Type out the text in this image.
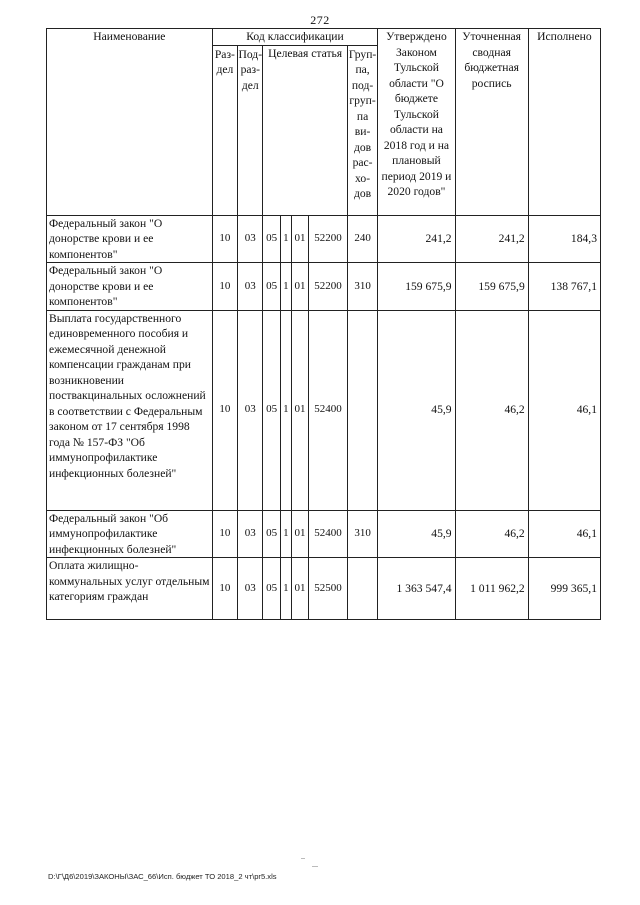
272
Наименование	Код классификации							Утверждено Законом Тульской области "О бюджете Тульской области на 2018 год и на плановый период 2019 и 2020 годов"	Уточненная сводная бюджетная роспись	Исполнено
	Раз-дел	Под-раз-дел	Целевая статья				Груп-па, под-груп-па ви-дов рас-хо-дов			
Федеральный закон "О донорстве крови и ее компонентов"	10	03	05	1	01	52200	240	241,2	241,2	184,3
Федеральный закон "О донорстве крови и ее компонентов"	10	03	05	1	01	52200	310	159 675,9	159 675,9	138 767,1
Выплата государственного единовременного пособия и ежемесячной денежной компенсации гражданам при возникновении поствакцинальных осложнений в соответствии с Федеральным законом от 17 сентября 1998 года № 157-ФЗ "Об иммунопрофилактике инфекционных болезней"	10	03	05	1	01	52400		45,9	46,2	46,1
Федеральный закон "Об иммунопрофилактике инфекционных болезней"	10	03	05	1	01	52400	310	45,9	46,2	46,1
Оплата жилищно-коммунальных услуг отдельным категориям граждан	10	03	05	1	01	52500		1 363 547,4	1 011 962,2	999 365,1
D:\Г\Д6\2019\ЗАКОНЫ\ЗАС_66\Исп. бюджет ТО 2018_2 чт\pr5.xls
